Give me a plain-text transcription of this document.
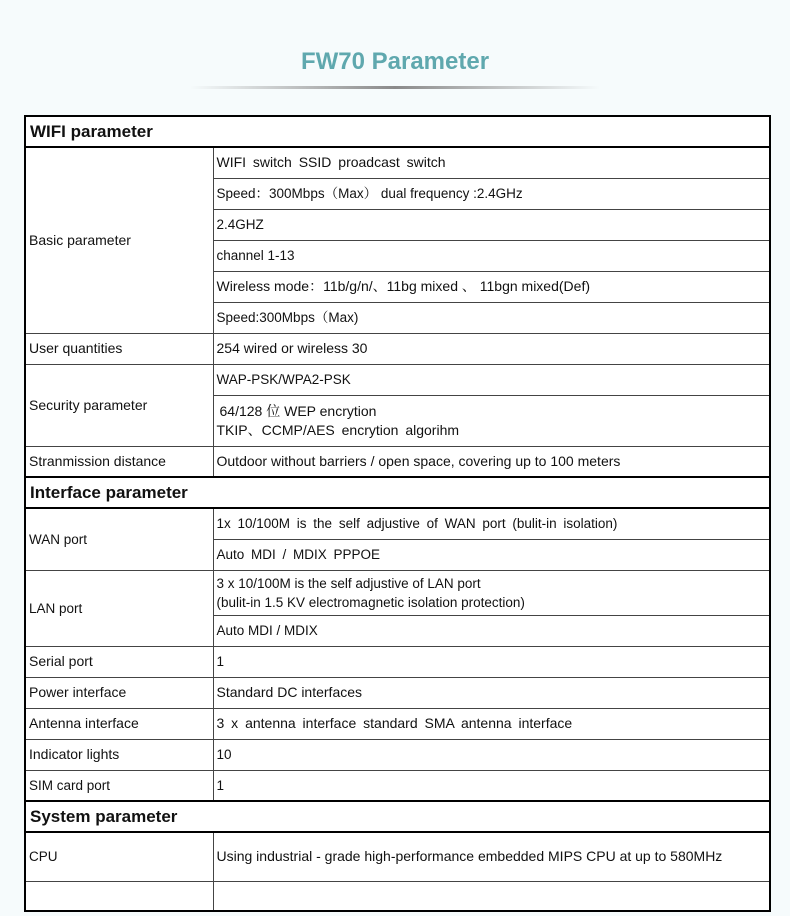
FW70 Parameter
WIFI parameter	
Basic parameter	WIFI switch SSID proadcast switch
	Speed：300Mbps（Max） dual frequency :2.4GHz
	2.4GHZ
	channel 1-13
	Wireless mode：11b/g/n/、11bg mixed 、 11bgn mixed(Def)
	Speed:300Mbps（Max)
User quantities	254 wired or wireless 30
Security parameter	WAP-PSK/WPA2-PSK

	64/128 位 WEP encrytion
TKIP、CCMP/AES encrytion algorihm

Stranmission distance	Outdoor without barriers / open space, covering up to 100 meters
Interface parameter	
WAN port	1x 10/100M is the self adjustive of WAN port (bulit-in isolation)
	Auto MDI / MDIX PPPOE
LAN port	3 x 10/100M is the self adjustive of LAN port
(bulit-in 1.5 KV electromagnetic isolation protection)

	Auto MDI / MDIX
Serial port	1
Power interface	Standard DC interfaces
Antenna interface	3 x antenna interface standard SMA antenna interface
Indicator lights	10
SIM card port	1
System parameter	
CPU	Using industrial - grade high-performance embedded MIPS CPU at up to 580MHz
